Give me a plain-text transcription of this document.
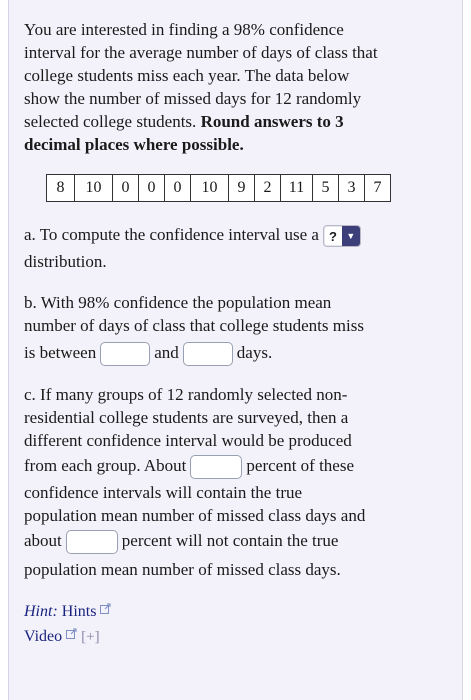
You are interested in finding a 98% confidence

interval for the average number of days of class that

college students miss each year. The data below

show the number of missed days for 12 randomly

selected college students. Round answers to 3

decimal places where possible.

8	10	0	0	0	10	9	2	11	5	3	7
a. To compute the confidence interval use a ?	▼
distribution.
b. With 98% confidence the population mean
number of days of class that college students miss
is between	and	days.
c. If many groups of 12 randomly selected non-
residential college students are surveyed, then a
different confidence interval would be produced
from each group. About	percent of these
confidence intervals will contain the true
population mean number of missed class days and
about	percent will not contain the true
population mean number of missed class days.
Hint: Hints
Video [+]
